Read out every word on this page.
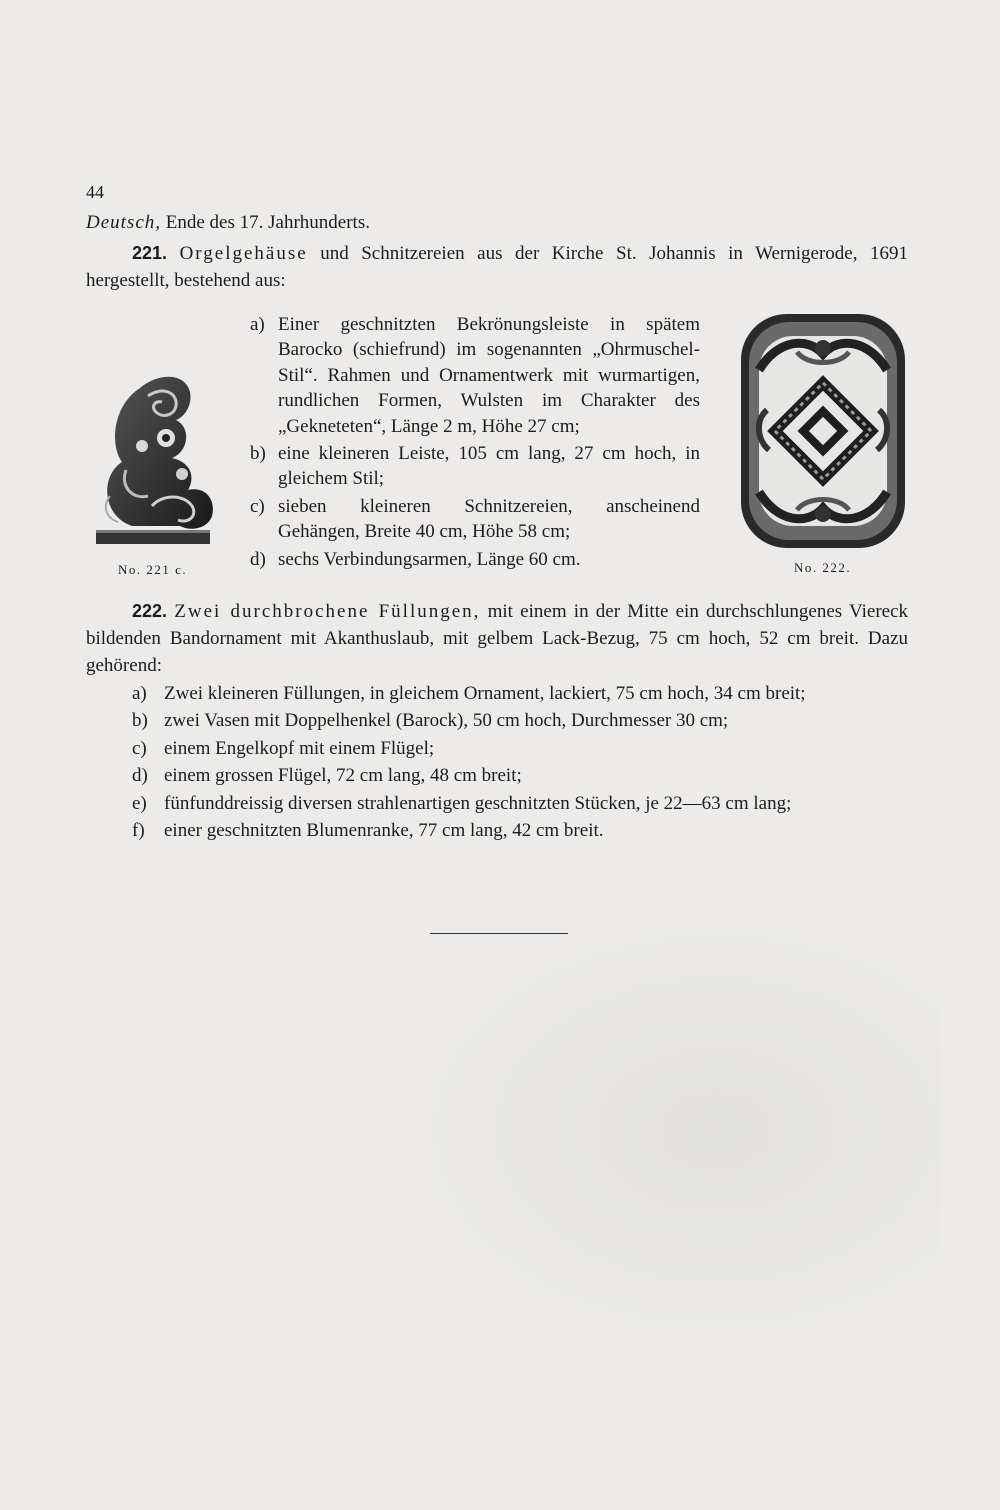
44
Deutsch, Ende des 17. Jahrhunderts.

221. Orgelgehäuse und Schnitzereien aus der Kirche St. Johannis in Wernigerode, 1691 hergestellt, bestehend aus:

No. 221 c.
a) Einer geschnitzten Bekrönungsleiste in spätem Barocko (schiefrund) im sogenannten „Ohrmuschel-Stil“. Rahmen und Ornamentwerk mit wurmartigen, rundlichen Formen, Wulsten im Charakter des „Gekneteten“, Länge 2 m, Höhe 27 cm;
b) eine kleineren Leiste, 105 cm lang, 27 cm hoch, in gleichem Stil;
c) sieben kleineren Schnitzereien, anscheinend Gehängen, Breite 40 cm, Höhe 58 cm;
d) sechs Verbindungsarmen, Länge 60 cm.	No. 222.

222. Zwei durchbrochene Füllungen, mit einem in der Mitte ein durchschlungenes Viereck bildenden Bandornament mit Akanthuslaub, mit gelbem Lack-Bezug, 75 cm hoch, 52 cm breit. Dazu gehörend:

a) Zwei kleineren Füllungen, in gleichem Ornament, lackiert, 75 cm hoch, 34 cm breit;
b) zwei Vasen mit Doppelhenkel (Barock), 50 cm hoch, Durchmesser 30 cm;
c) einem Engelkopf mit einem Flügel;
d) einem grossen Flügel, 72 cm lang, 48 cm breit;
e) fünfunddreissig diversen strahlenartigen geschnitzten Stücken, je 22—63 cm lang;
f)	einer geschnitzten Blumenranke, 77 cm lang, 42 cm breit.
